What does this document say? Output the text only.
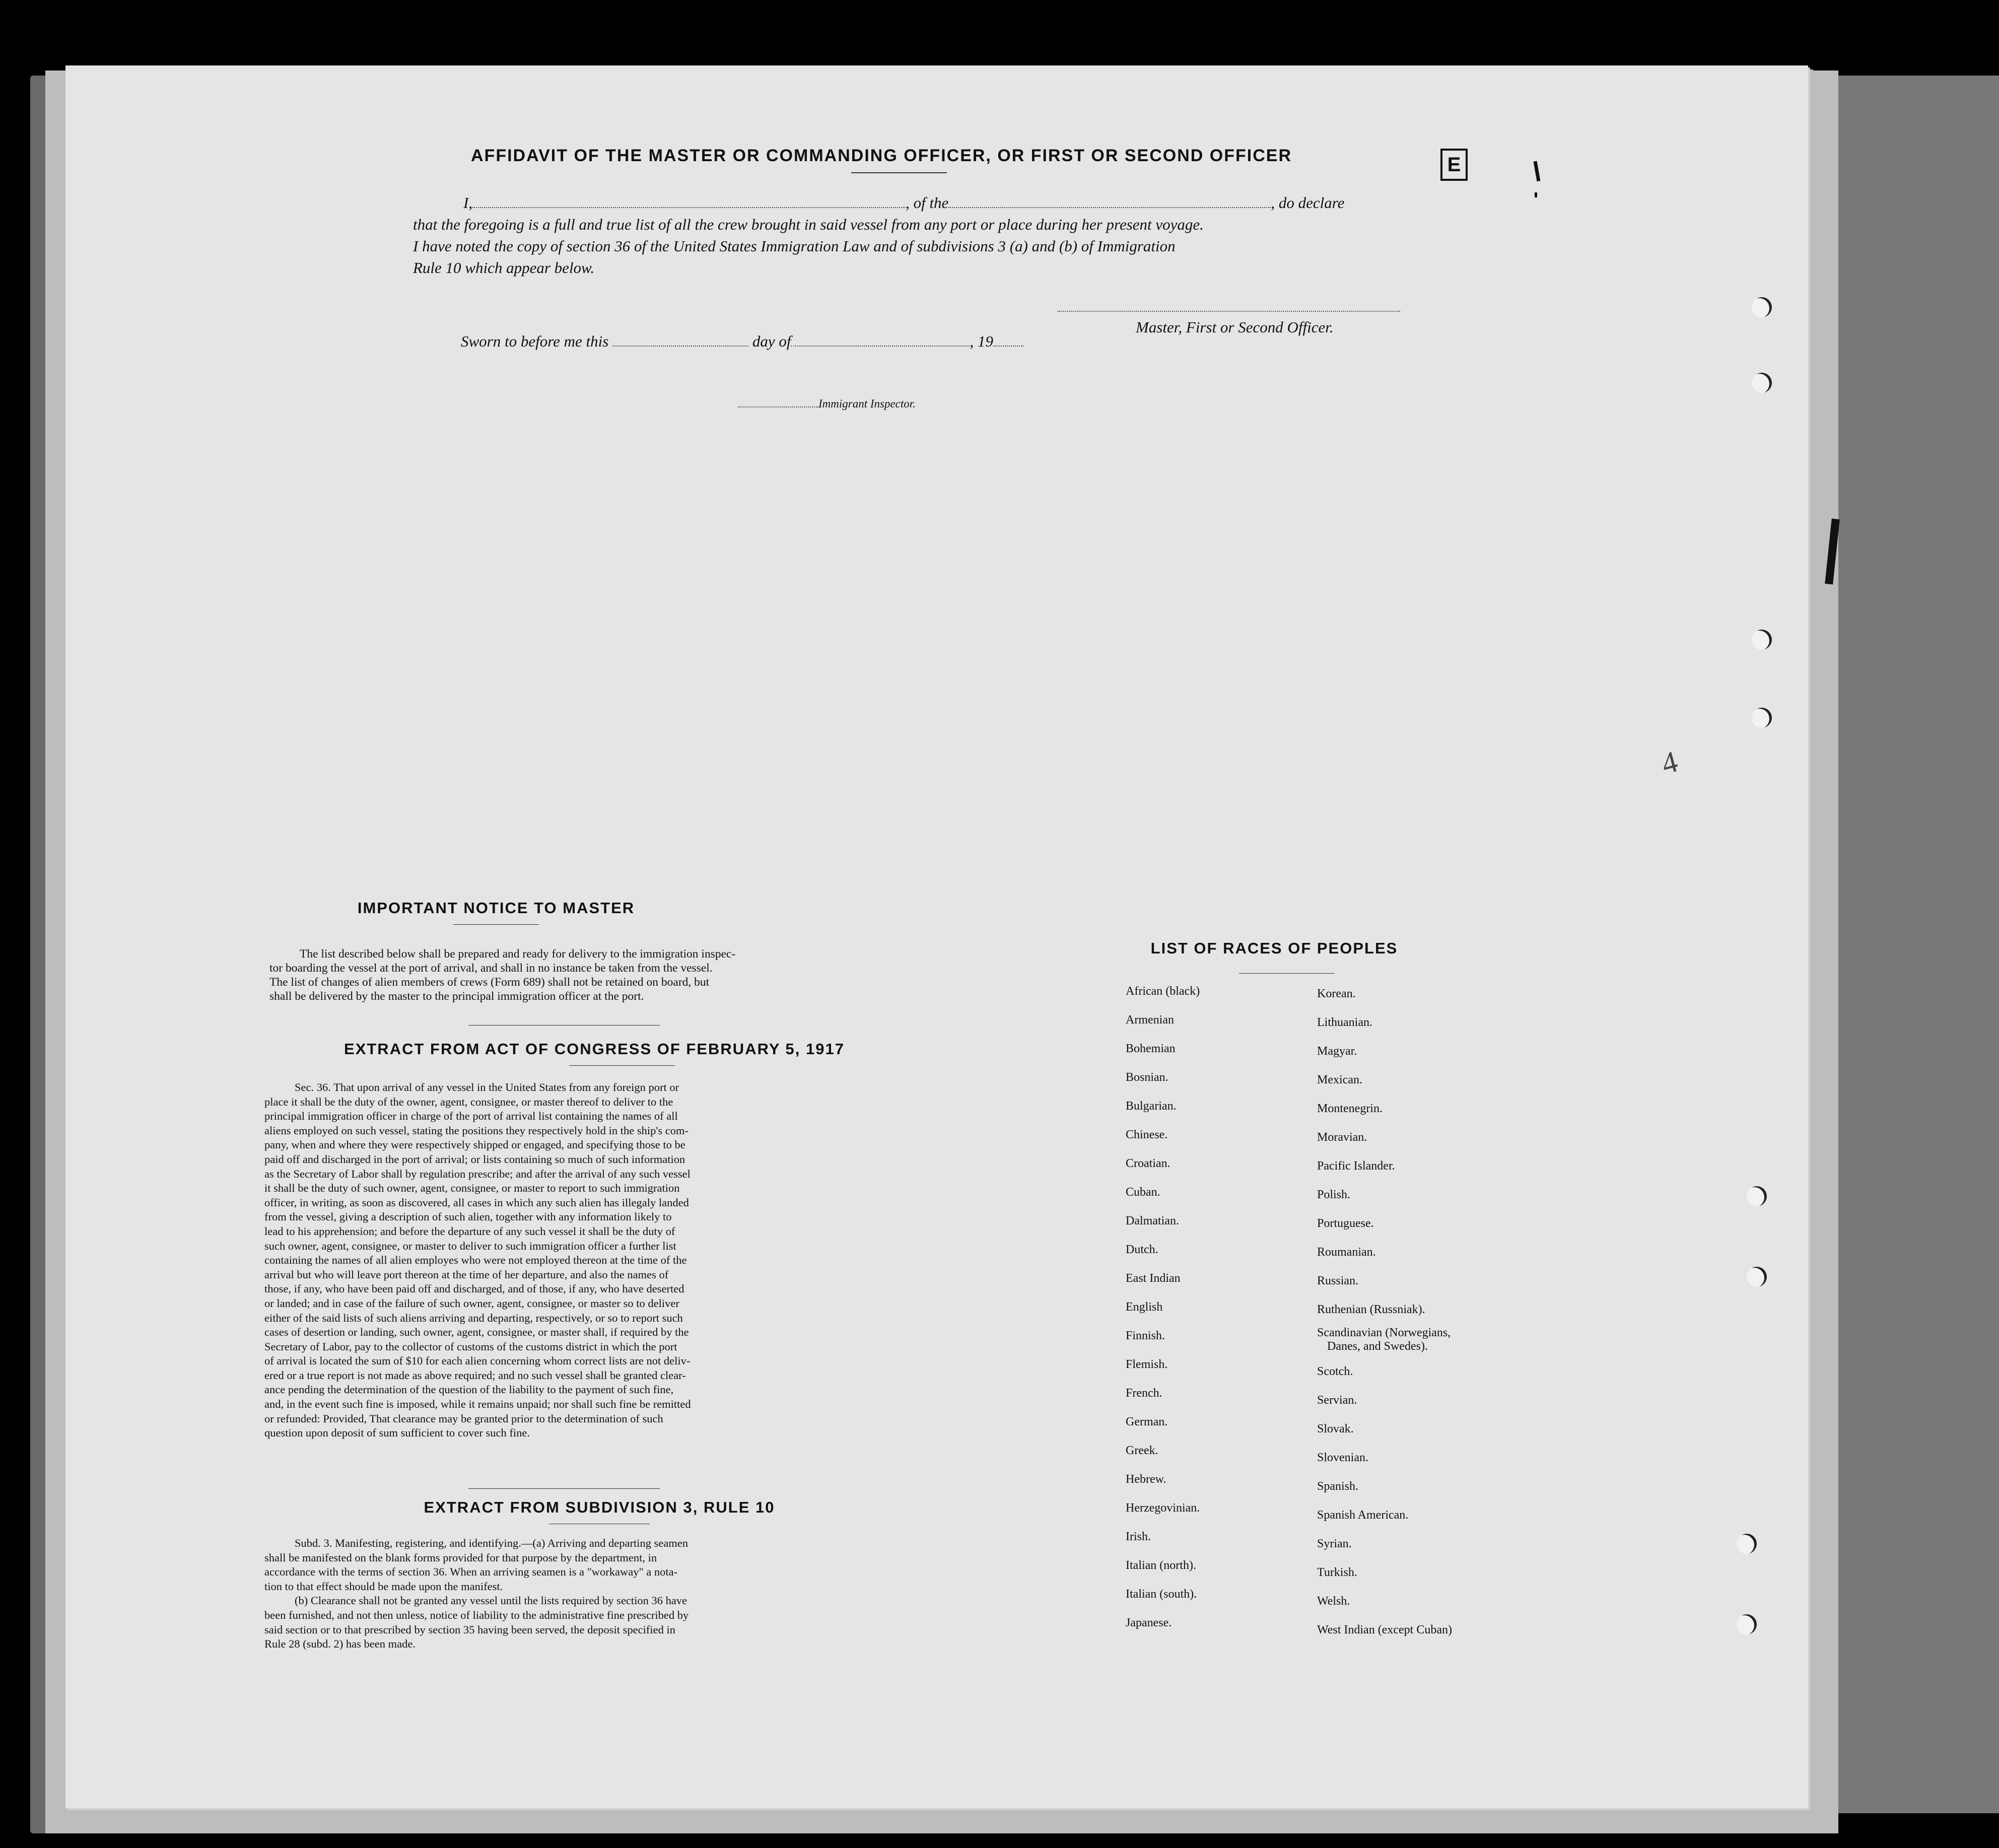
AFFIDAVIT OF THE MASTER OR COMMANDING OFFICER, OR FIRST OR SECOND OFFICER
I,	, of the	, do declare
that the foregoing is a full and true list of all the crew brought in said vessel from any port or place during her present voyage.
I have noted the copy of section 36 of the United States Immigration Law and of subdivisions 3 (a) and (b) of Immigration
Rule 10 which appear below.
Master, First or Second Officer.
Sworn to before me this	day of	, 19
Immigrant Inspector.
E
4
IMPORTANT NOTICE TO MASTER
The list described below shall be prepared and ready for delivery to the immigration inspec-
tor boarding the vessel at the port of arrival, and shall in no instance be taken from the vessel.
The list of changes of alien members of crews (Form 689) shall not be retained on board, but
shall be delivered by the master to the principal immigration officer at the port.
EXTRACT FROM ACT OF CONGRESS OF FEBRUARY 5, 1917
Sec. 36. That upon arrival of any vessel in the United States from any foreign port or
place it shall be the duty of the owner, agent, consignee, or master thereof to deliver to the
principal immigration officer in charge of the port of arrival list containing the names of all
aliens employed on such vessel, stating the positions they respectively hold in the ship's com-
pany, when and where they were respectively shipped or engaged, and specifying those to be
paid off and discharged in the port of arrival; or lists containing so much of such information
as the Secretary of Labor shall by regulation prescribe; and after the arrival of any such vessel
it shall be the duty of such owner, agent, consignee, or master to report to such immigration
officer, in writing, as soon as discovered, all cases in which any such alien has illegaly landed
from the vessel, giving a description of such alien, together with any information likely to
lead to his apprehension; and before the departure of any such vessel it shall be the duty of
such owner, agent, consignee, or master to deliver to such immigration officer a further list
containing the names of all alien employes who were not employed thereon at the time of the
arrival but who will leave port thereon at the time of her departure, and also the names of
those, if any, who have been paid off and discharged, and of those, if any, who have deserted
or landed; and in case of the failure of such owner, agent, consignee, or master so to deliver
either of the said lists of such aliens arriving and departing, respectively, or so to report such
cases of desertion or landing, such owner, agent, consignee, or master shall, if required by the
Secretary of Labor, pay to the collector of customs of the customs district in which the port
of arrival is located the sum of $10 for each alien concerning whom correct lists are not deliv-
ered or a true report is not made as above required; and no such vessel shall be granted clear-
ance pending the determination of the question of the liability to the payment of such fine,
and, in the event such fine is imposed, while it remains unpaid; nor shall such fine be remitted
or refunded: Provided, That clearance may be granted prior to the determination of such
question upon deposit of sum sufficient to cover such fine.
EXTRACT FROM SUBDIVISION 3, RULE 10
Subd. 3. Manifesting, registering, and identifying.—(a) Arriving and departing seamen
shall be manifested on the blank forms provided for that purpose by the department, in
accordance with the terms of section 36. When an arriving seamen is a "workaway" a nota-
tion to that effect should be made upon the manifest.
(b) Clearance shall not be granted any vessel until the lists required by section 36 have
been furnished, and not then unless, notice of liability to the administrative fine prescribed by
said section or to that prescribed by section 35 having been served, the deposit specified in
Rule 28 (subd. 2) has been made.
LIST OF RACES OF PEOPLES
African (black)
Armenian
Bohemian
Bosnian.
Bulgarian.
Chinese.
Croatian.
Cuban.
Dalmatian.
Dutch.
East Indian
English
Finnish.
Flemish.
French.
German.
Greek.
Hebrew.
Herzegovinian.
Irish.
Italian (north).
Italian (south).
Japanese.
Korean.
Lithuanian.
Magyar.
Mexican.
Montenegrin.
Moravian.
Pacific Islander.
Polish.
Portuguese.
Roumanian.
Russian.
Ruthenian (Russniak).
Scandinavian (Norwegians,
Danes, and Swedes).
Scotch.
Servian.
Slovak.
Slovenian.
Spanish.
Spanish American.
Syrian.
Turkish.
Welsh.
West Indian (except Cuban)
